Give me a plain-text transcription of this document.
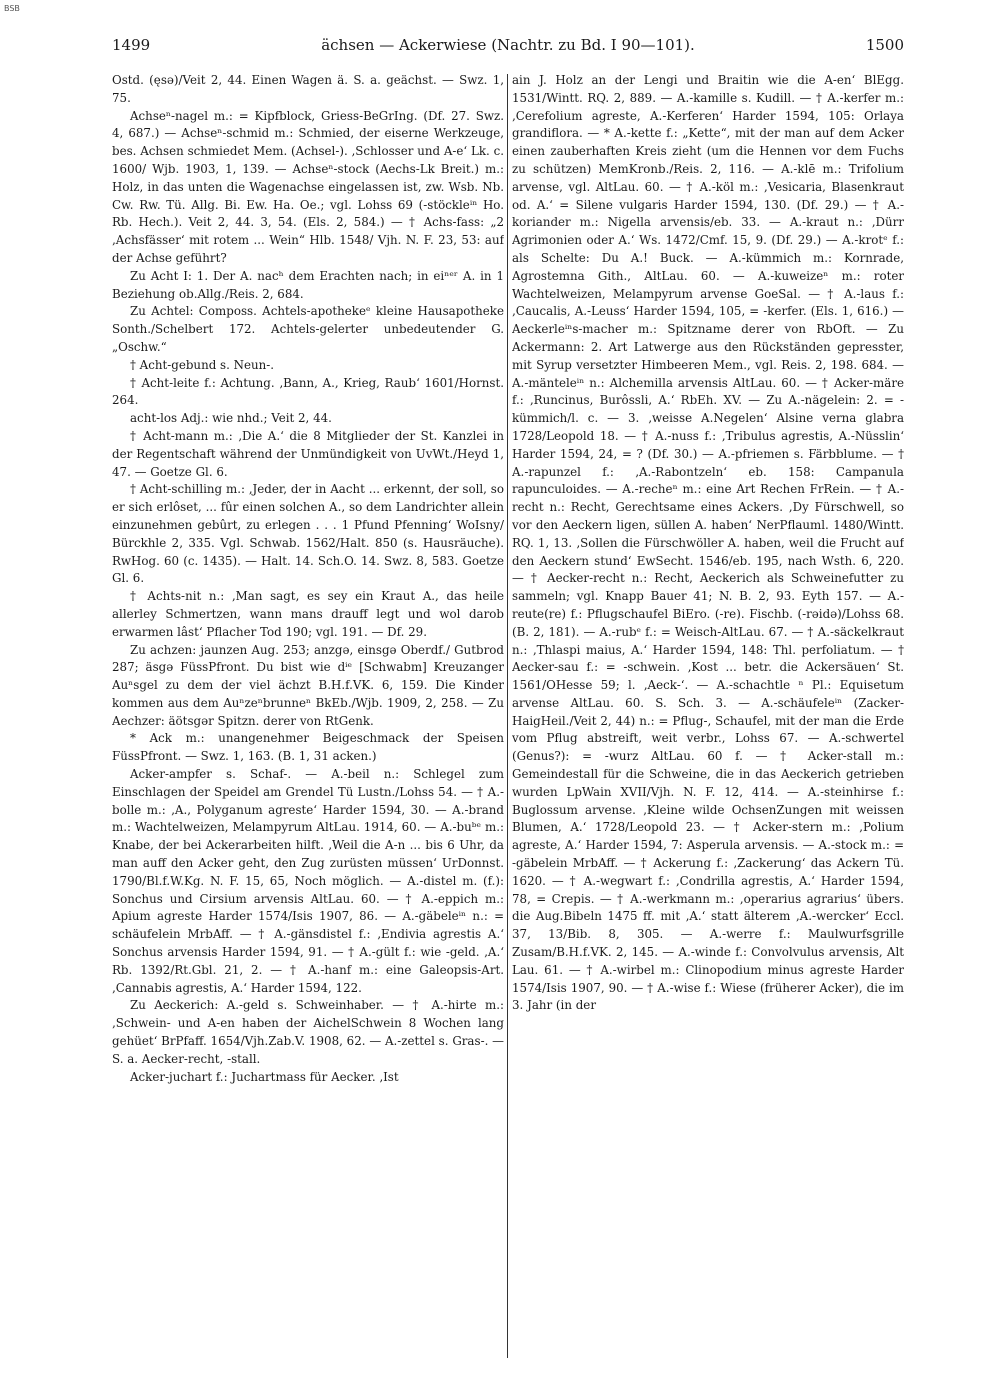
BSB
1499	ächsen — Ackerwiese (Nachtr. zu Bd. I 90—101).	1500

Ostd. (ęsə)/Veit 2, 44. Einen Wagen ä. S. a. geächst. — Swz. 1, 75.

Achseⁿ-nagel m.: = Kipfblock, Griess-BeGrIng. (Df. 27. Swz. 4, 687.) — Achseⁿ-schmid m.: Schmied, der eiserne Werkzeuge, bes. Achsen schmiedet Mem. (Achsel-). ‚Schlosser und A-e‘ Lk. c. 1600/ Wjb. 1903, 1, 139. — Achseⁿ-stock (Aechs-Lk Breit.) m.: Holz, in das unten die Wagenachse eingelassen ist, zw. Wsb. Nb. Cw. Rw. Tü. Allg. Bi. Ew. Ha. Oe.; vgl. Lohss 69 (-stöckleⁱⁿ Ho. Rb. Hech.). Veit 2, 44. 3, 54. (Els. 2, 584.) — † Achs-fass: „2 ‚Achsfässer‘ mit rotem ... Wein“ Hlb. 1548/ Vjh. N. F. 23, 53: auf der Achse geführt?

Zu Acht I: 1. Der A. nacʰ dem Erachten nach; in eiⁿᵉʳ A. in 1 Beziehung ob.Allg./Reis. 2, 684.

Zu Achtel: Composs. Achtels-apothekeᵉ kleine Hausapotheke Sonth./Schelbert 172. Achtels-gelerter unbedeutender G. „Oschw.“

† Acht-gebund s. Neun-.

† Acht-leite f.: Achtung. ‚Bann, A., Krieg, Raub‘ 1601/Hornst. 264.

acht-los Adj.: wie nhd.; Veit 2, 44.

† Acht-mann m.: ‚Die A.‘ die 8 Mitglieder der St. Kanzlei in der Regentschaft während der Unmündigkeit von UvWt./Heyd 1, 47. — Goetze Gl. 6.

† Acht-schilling m.: ‚Jeder, der in Aacht ... erkennt, der soll, so er sich erlôset, ... fûr einen solchen A., so dem Landrichter allein einzunehmen gebûrt, zu erlegen . . . 1 Pfund Pfenning‘ WoIsny/ Bürckhle 2, 335. Vgl. Schwab. 1562/Halt. 850 (s. Hausräuche). RwHog. 60 (c. 1435). — Halt. 14. Sch.O. 14. Swz. 8, 583. Goetze Gl. 6.

† Achts-nit n.: ‚Man sagt, es sey ein Kraut A., das heile allerley Schmertzen, wann mans drauff legt und wol darob erwarmen lâst‘ Pflacher Tod 190; vgl. 191. — Df. 29.

Zu achzen: jaunzen Aug. 253; anzgə, einsgə Oberdf./ Gutbrod 287; äsgə FüssPfront. Du bist wie dⁱᵉ [Schwabm] Kreuzanger Auⁿsgel zu dem der viel ächzt B.H.f.VK. 6, 159. Die Kinder kommen aus dem Auⁿzeⁿbrunneⁿ BkEb./Wjb. 1909, 2, 258. — Zu Aechzer: äötsgər Spitzn. derer von RtGenk.

* Ack m.: unangenehmer Beigeschmack der Speisen FüssPfront. — Swz. 1, 163. (B. 1, 31 acken.)

Acker-ampfer s. Schaf-. — A.-beil n.: Schlegel zum Einschlagen der Speidel am Grendel Tü Lustn./Lohss 54. — † A.-bolle m.: ‚A., Polyganum agreste‘ Harder 1594, 30. — A.-brand m.: Wachtelweizen, Melampyrum AltLau. 1914, 60. — A.-buᵇᵉ m.: Knabe, der bei Ackerarbeiten hilft. ‚Weil die A-n ... bis 6 Uhr, da man auff den Acker geht, den Zug zurüsten müssen‘ UrDonnst. 1790/Bl.f.W.Kg. N. F. 15, 65, Noch möglich. — A.-distel m. (f.): Sonchus und Cirsium arvensis AltLau. 60. — † A.-eppich m.: Apium agreste Harder 1574/Isis 1907, 86. — A.-gäbeleⁱⁿ n.: = schäufelein MrbAff. — † A.-gänsdistel f.: ‚Endivia agrestis A.‘ Sonchus arvensis Harder 1594, 91. — † A.-gült f.: wie -geld. ‚A.‘ Rb. 1392/Rt.Gbl. 21, 2. — † A.-hanf m.: eine Galeopsis-Art. ‚Cannabis agrestis, A.‘ Harder 1594, 122.

Zu Aeckerich: A.-geld s. Schweinhaber. — † A.-hirte m.: ‚Schwein- und A-en haben der AichelSchwein 8 Wochen lang gehüet‘ BrPfaff. 1654/Vjh.Zab.V. 1908, 62. — A.-zettel s. Gras-. — S. a. Aecker-recht, -stall.

Acker-juchart f.: Juchartmass für Aecker. ‚Ist

ain J. Holz an der Lengi und Braitin wie die A-en‘ BlEgg. 1531/Wintt. RQ. 2, 889. — A.-kamille s. Kudill. — † A.-kerfer m.: ‚Cerefolium agreste, A.-Kerferen‘ Harder 1594, 105: Orlaya grandiflora. — * A.-kette f.: „Kette“, mit der man auf dem Acker einen zauberhaften Kreis zieht (um die Hennen vor dem Fuchs zu schützen) MemKronb./Reis. 2, 116. — A.-klē m.: Trifolium arvense, vgl. AltLau. 60. — † A.-köl m.: ‚Vesicaria, Blasenkraut od. A.‘ = Silene vulgaris Harder 1594, 130. (Df. 29.) — † A.-koriander m.: Nigella arvensis/eb. 33. — A.-kraut n.: ‚Dürr Agrimonien oder A.‘ Ws. 1472/Cmf. 15, 9. (Df. 29.) — A.-krotᵉ f.: als Schelte: Du A.! Buck. — A.-kümmich m.: Kornrade, Agrostemna Gith., AltLau. 60. — A.-kuweizeⁿ m.: roter Wachtelweizen, Melampyrum arvense GoeSal. — † A.-laus f.: ‚Caucalis, A.-Leuss‘ Harder 1594, 105, = -kerfer. (Els. 1, 616.) — Aeckerleⁱⁿs-macher m.: Spitzname derer von RbOft. — Zu Ackermann: 2. Art Latwerge aus den Rückständen gepresster, mit Syrup versetzter Himbeeren Mem., vgl. Reis. 2, 198. 684. — A.-mänteleⁱⁿ n.: Alchemilla arvensis AltLau. 60. — † Acker-märe f.: ‚Runcinus, Burôssli, A.‘ RbEh. XV. — Zu A.-nägelein: 2. = -kümmich/l. c. — 3. ‚weisse A.Negelen‘ Alsine verna glabra 1728/Leopold 18. — † A.-nuss f.: ‚Tribulus agrestis, A.-Nüsslin‘ Harder 1594, 24, = ? (Df. 30.) — A.-pfriemen s. Färbblume. — † A.-rapunzel f.: ‚A.-Rabontzeln‘ eb. 158: Campanula rapunculoides. — A.-recheⁿ m.: eine Art Rechen FrRein. — † A.-recht n.: Recht, Gerechtsame eines Ackers. ‚Dy Fürschwell, so vor den Aeckern ligen, süllen A. haben‘ NerPflauml. 1480/Wintt. RQ. 1, 13. ‚Sollen die Fürschwöller A. haben, weil die Frucht auf den Aeckern stund‘ EwSecht. 1546/eb. 195, nach Wsth. 6, 220. — † Aecker-recht n.: Recht, Aeckerich als Schweinefutter zu sammeln; vgl. Knapp Bauer 41; N. B. 2, 93. Eyth 157. — A.-reute(re) f.: Pflugschaufel BiEro. (-re). Fischb. (-rəidə)/Lohss 68. (B. 2, 181). — A.-rubᵉ f.: = Weisch-AltLau. 67. — † A.-säckelkraut n.: ‚Thlaspi maius, A.‘ Harder 1594, 148: Thl. perfoliatum. — † Aecker-sau f.: = -schwein. ‚Kost ... betr. die Ackersäuen‘ St. 1561/OHesse 59; l. ‚Aeck-‘. — A.-schachtle ⁿ Pl.: Equisetum arvense AltLau. 60. S. Sch. 3. — A.-schäufeleⁱⁿ (Zacker-HaigHeil./Veit 2, 44) n.: = Pflug-, Schaufel, mit der man die Erde vom Pflug abstreift, weit verbr., Lohss 67. — A.-schwertel (Genus?): = -wurz AltLau. 60 f. — † Acker-stall m.: Gemeindestall für die Schweine, die in das Aeckerich getrieben wurden LpWain XVII/Vjh. N. F. 12, 414. — A.-steinhirse f.: Buglossum arvense. ‚Kleine wilde OchsenZungen mit weissen Blumen, A.‘ 1728/Leopold 23. — † Acker-stern m.: ‚Polium agreste, A.‘ Harder 1594, 7: Asperula arvensis. — A.-stock m.: = -gäbelein MrbAff. — † Ackerung f.: ‚Zackerung‘ das Ackern Tü. 1620. — † A.-wegwart f.: ‚Condrilla agrestis, A.‘ Harder 1594, 78, = Crepis. — † A.-werkmann m.: ‚operarius agrarius‘ übers. die Aug.Bibeln 1475 ff. mit ‚A.‘ statt älterem ‚A.-wercker‘ Eccl. 37, 13/Bib. 8, 305. — A.-werre f.: Maulwurfsgrille Zusam/B.H.f.VK. 2, 145. — A.-winde f.: Convolvulus arvensis, Alt Lau. 61. — † A.-wirbel m.: Clinopodium minus agreste Harder 1574/Isis 1907, 90. — † A.-wise f.: Wiese (früherer Acker), die im 3. Jahr (in der
